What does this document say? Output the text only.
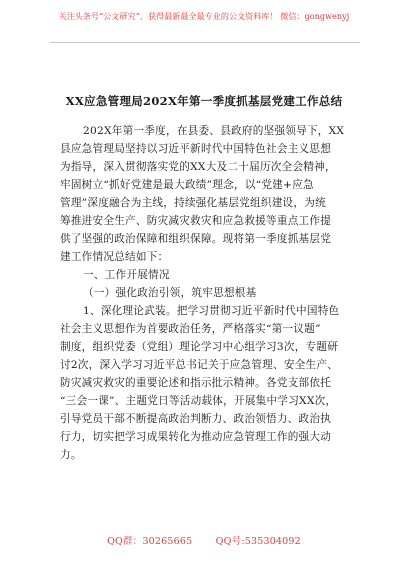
关注头条号“公文研究”，获得最新最全最专业的公文资料库！ 微信：gongwenyj
XX应急管理局202X年第一季度抓基层党建工作总结
202X年第一季度，在县委、县政府的坚强领导下，XX
县应急管理局坚持以习近平新时代中国特色社会主义思想
为指导，深入贯彻落实党的XX大及二十届历次全会精神，
牢固树立“抓好党建是最大政绩”理念，以“党建+应急
管理”深度融合为主线，持续强化基层党组织建设，为统
筹推进安全生产、防灾减灾救灾和应急救援等重点工作提
供了坚强的政治保障和组织保障。现将第一季度抓基层党
建工作情况总结如下：
一、工作开展情况
（一）强化政治引领，筑牢思想根基
1、深化理论武装。把学习贯彻习近平新时代中国特色
社会主义思想作为首要政治任务，严格落实“第一议题”
制度，组织党委（党组）理论学习中心组学习3次，专题研
讨2次，深入学习习近平总书记关于应急管理、安全生产、
防灾减灾救灾的重要论述和指示批示精神。各党支部依托
“三会一课”、主题党日等活动载体，开展集中学习XX次，
引导党员干部不断提高政治判断力、政治领悟力、政治执
行力，切实把学习成果转化为推动应急管理工作的强大动
力。
QQ群：30265665 QQ号:535304092
